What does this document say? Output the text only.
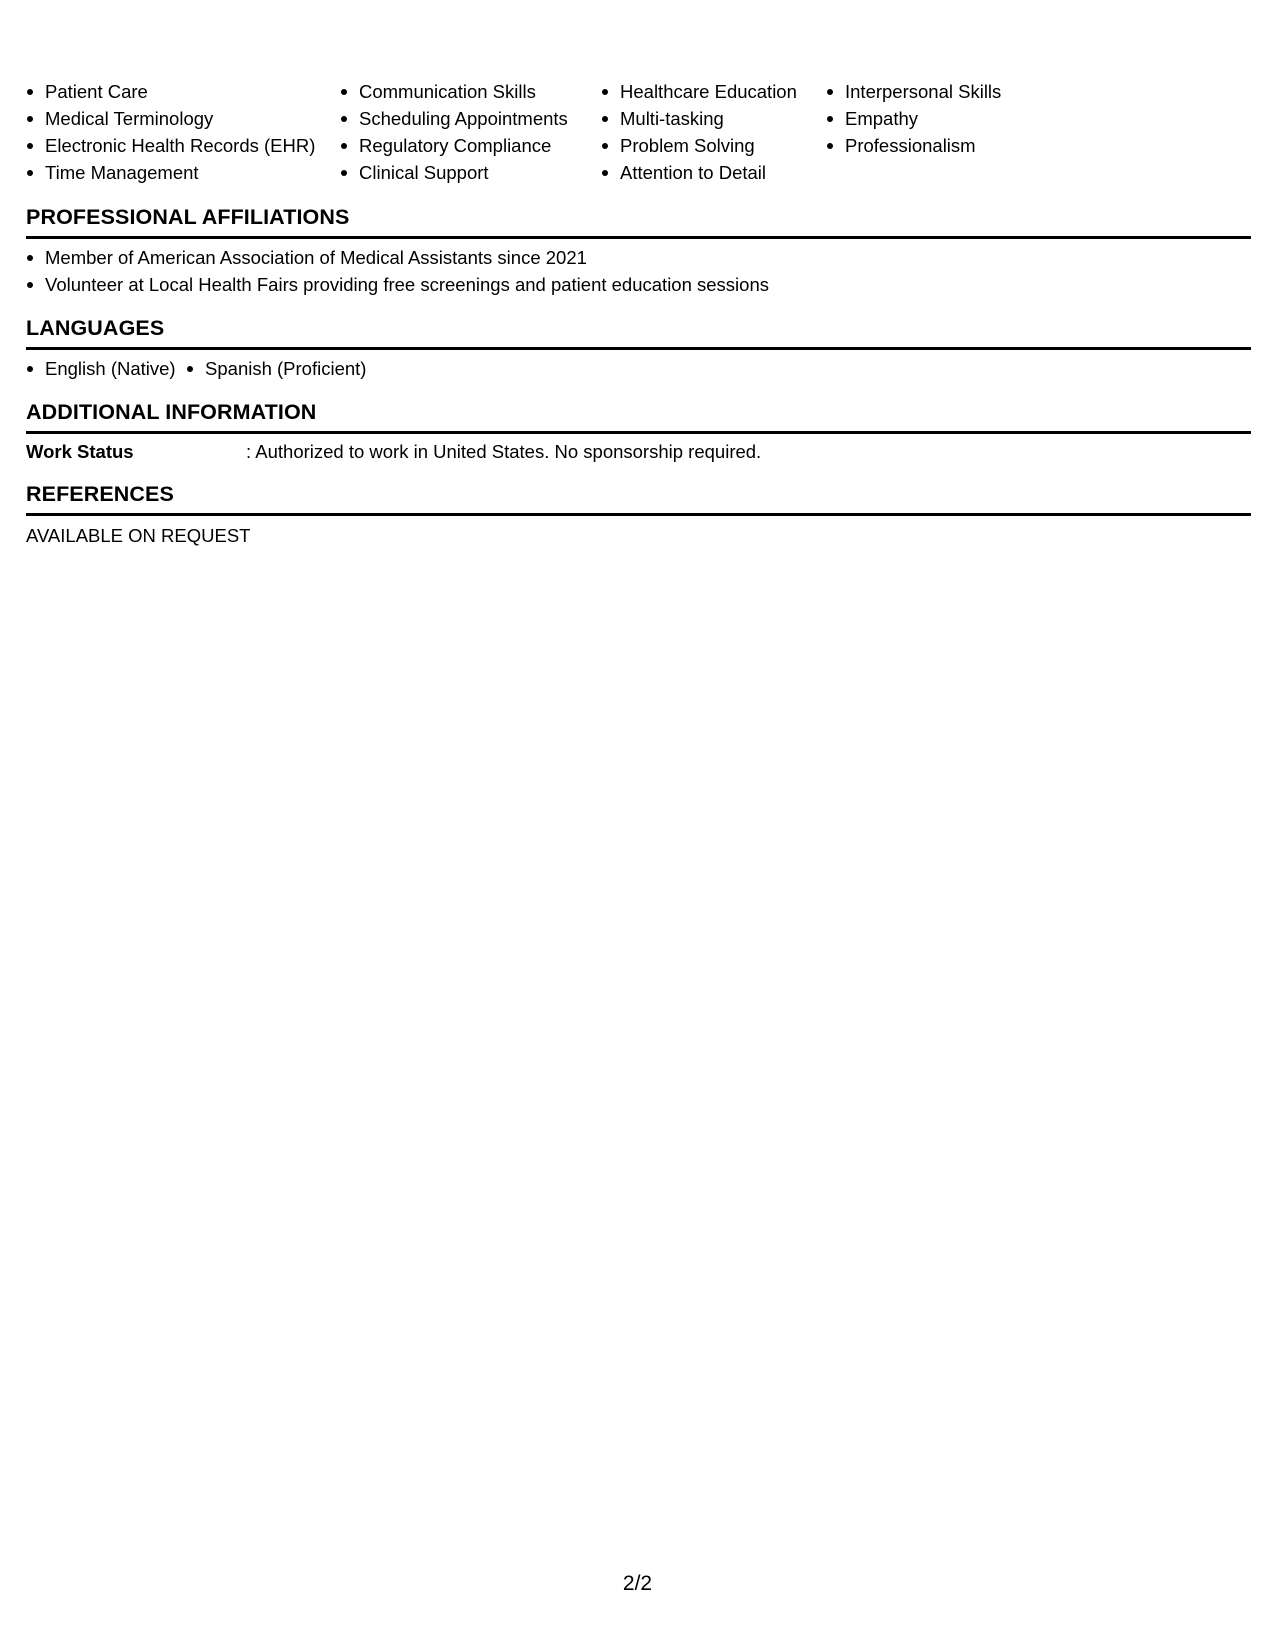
Patient Care
Medical Terminology
Electronic Health Records (EHR)
Time Management
Communication Skills
Scheduling Appointments
Regulatory Compliance
Clinical Support
Healthcare Education
Multi-tasking
Problem Solving
Attention to Detail
Interpersonal Skills
Empathy
Professionalism
PROFESSIONAL AFFILIATIONS
Member of American Association of Medical Assistants since 2021
Volunteer at Local Health Fairs providing free screenings and patient education sessions
LANGUAGES
English (Native) Spanish (Proficient)
ADDITIONAL INFORMATION
Work Status	: Authorized to work in United States. No sponsorship required.
REFERENCES
AVAILABLE ON REQUEST
2/2
